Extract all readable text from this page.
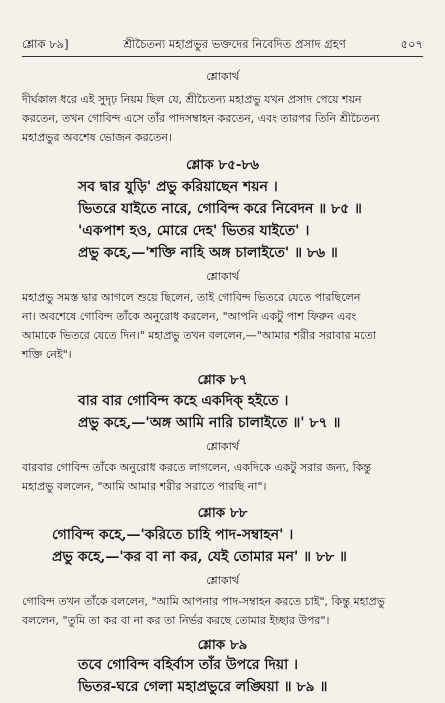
শ্লোক ৮৯]	শ্রীচৈতন্য মহাপ্রভুর ভক্তদের নিবেদিত প্রসাদ গ্রহণ	৫০৭
শ্লোকার্থ
দীর্ঘকাল ধরে এই সুদৃঢ় নিয়ম ছিল যে, শ্রীচৈতন্য মহাপ্রভু যখন প্রসাদ পেয়ে শয়ন
করতেন, তখন গোবিন্দ এসে তাঁর পাদসম্বাহন করতেন, এবং তারপর তিনি শ্রীচৈতন্য
মহাপ্রভুর অবশেষ ভোজন করতেন।
শ্লোক ৮৫-৮৬
সব দ্বার যুড়ি' প্রভু করিয়াছেন শয়ন ।
ভিতরে যাইতে নারে, গোবিন্দ করে নিবেদন ॥ ৮৫ ॥
'একপাশ হও, মোরে দেহ' ভিতর যাইতে' ।
প্রভু কহে,—'শক্তি নাহি অঙ্গ চালাইতে' ॥ ৮৬ ॥
শ্লোকার্থ
মহাপ্রভু সমস্ত দ্বার আগলে শুয়ে ছিলেন, তাই গোবিন্দ ভিতরে যেতে পারছিলেন
না। অবশেষে গোবিন্দ তাঁকে অনুরোধ করলেন, "আপনি একটু পাশ ফিরুন এবং
আমাকে ভিতরে যেতে দিন।" মহাপ্রভু তখন বললেন,—"আমার শরীর সরাবার মতো
শক্তি নেই"।
শ্লোক ৮৭
বার বার গোবিন্দ কহে একদিক্ হইতে ।
প্রভু কহে,—'অঙ্গ আমি নারি চালাইতে ॥' ৮৭ ॥
শ্লোকার্থ
বারবার গোবিন্দ তাঁকে অনুরোধ করতে লাগলেন, একদিকে একটু সরার জন্য, কিন্তু
মহাপ্রভু বললেন, "আমি আমার শরীর সরাতে পারছি না"।
শ্লোক ৮৮
গোবিন্দ কহে,—'করিতে চাহি পাদ-সম্বাহন' ।
প্রভু কহে,—'কর বা না কর, যেই তোমার মন' ॥ ৮৮ ॥
শ্লোকার্থ
গোবিন্দ তখন তাঁকে বললেন, "আমি আপনার পাদ-সম্বাহন করতে চাই", কিন্তু মহাপ্রভু
বললেন, "তুমি তা কর বা না কর তা নির্ভর করছে তোমার ইচ্ছার উপর"।
শ্লোক ৮৯
তবে গোবিন্দ বহির্বাস তাঁর উপরে দিয়া ।
ভিতর-ঘরে গেলা মহাপ্রভুরে লঙ্ঘিয়া ॥ ৮৯ ॥
